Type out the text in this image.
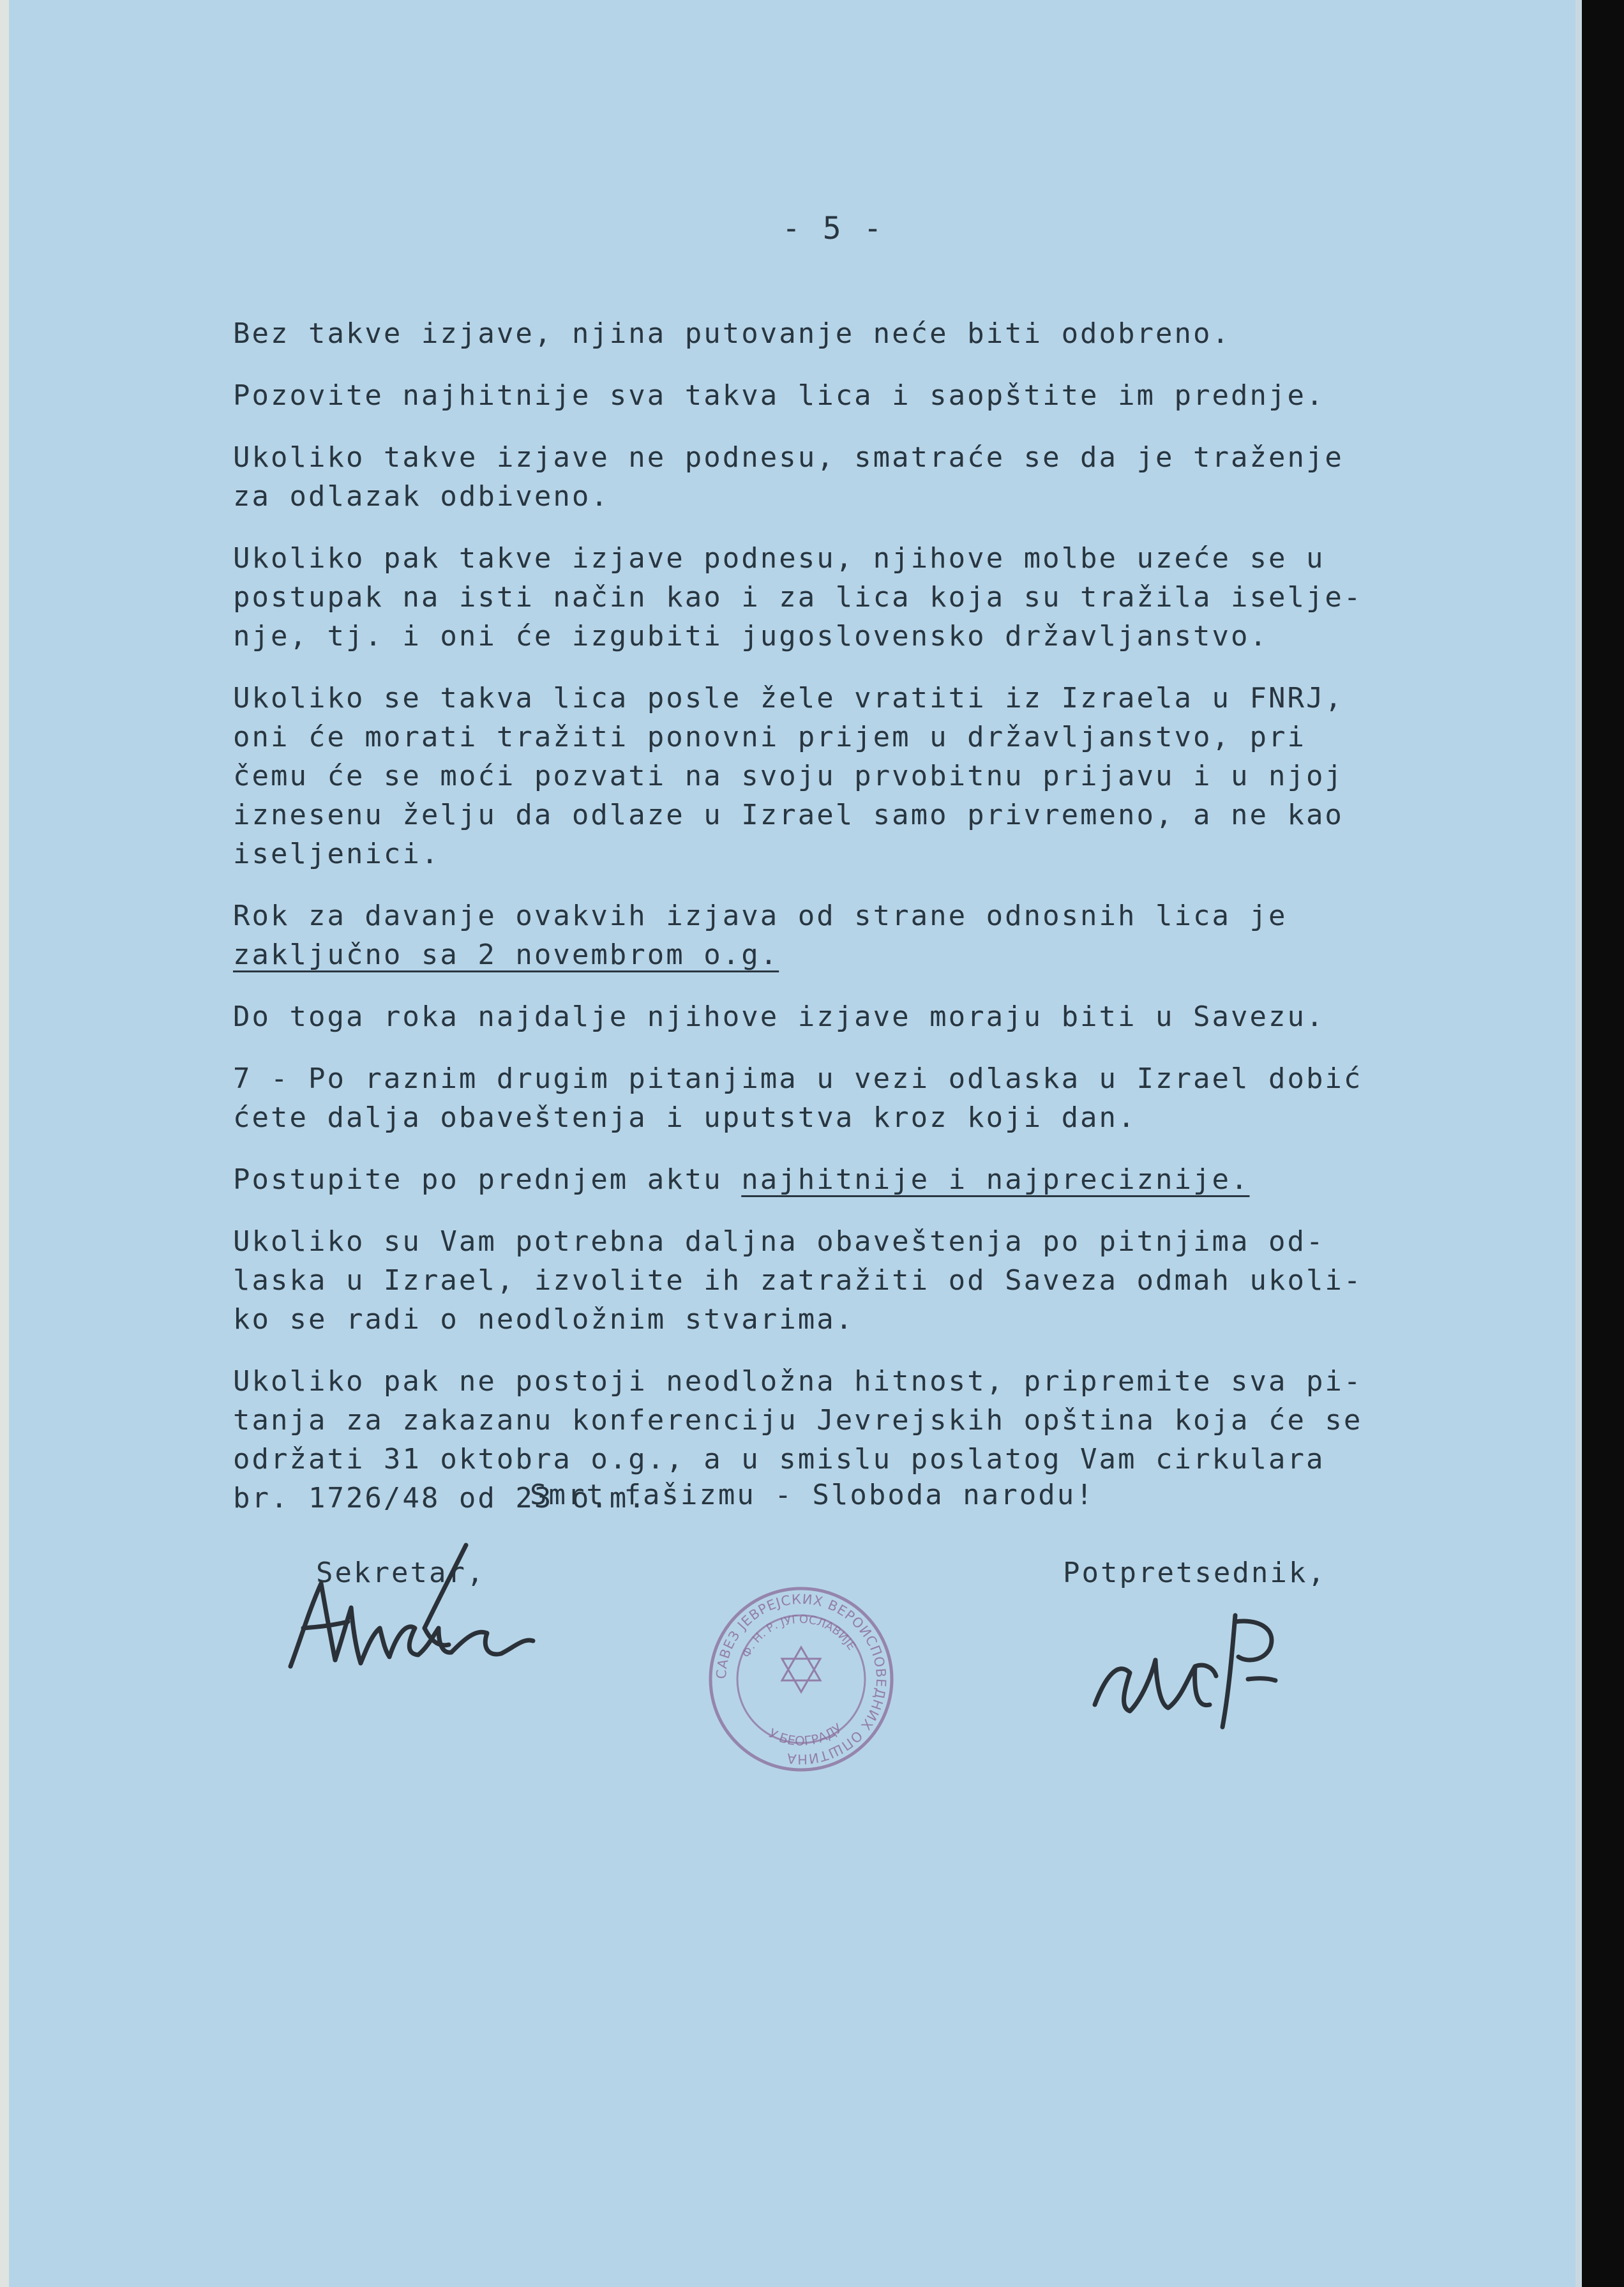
- 5 -
Bez takve izjave, njina putovanje neće biti odobreno.
Pozovite najhitnije sva takva lica i saopštite im prednje.
Ukoliko takve izjave ne podnesu, smatraće se da je traženje
za odlazak odbiveno.
Ukoliko pak takve izjave podnesu, njihove molbe uzeće se u
postupak na isti način kao i za lica koja su tražila iselje-
nje, tj. i oni će izgubiti jugoslovensko državljanstvo.
Ukoliko se takva lica posle žele vratiti iz Izraela u FNRJ,
oni će morati tražiti ponovni prijem u državljanstvo, pri
čemu će se moći pozvati na svoju prvobitnu prijavu i u njoj
iznesenu želju da odlaze u Izrael samo privremeno, a ne kao
iseljenici.
Rok za davanje ovakvih izjava od strane odnosnih lica je
zaključno sa 2 novembrom o.g.
Do toga roka najdalje njihove izjave moraju biti u Savezu.
7 - Po raznim drugim pitanjima u vezi odlaska u Izrael dobić
ćete dalja obaveštenja i uputstva kroz koji dan.
Postupite po prednjem aktu najhitnije i najpreciznije.
Ukoliko su Vam potrebna daljna obaveštenja po pitnjima od-
laska u Izrael, izvolite ih zatražiti od Saveza odmah ukoli-
ko se radi o neodložnim stvarima.
Ukoliko pak ne postoji neodložna hitnost, pripremite sva pi-
tanja za zakazanu konferenciju Jevrejskih opština koja će se
održati 31 oktobra o.g., a u smislu poslatog Vam cirkulara
br. 1726/48 od 23 o.m.
Smrt fašizmu - Sloboda narodu!
Sekretar,	Potpretsednik,
САВЕЗ ЈЕВРЕЈСКИХ ВЕРОИСПОВЕДНИХ ОПШТИНА
Ф. Н. Р. ЈУГОСЛАВИЈЕ
У БЕОГРАДУ
